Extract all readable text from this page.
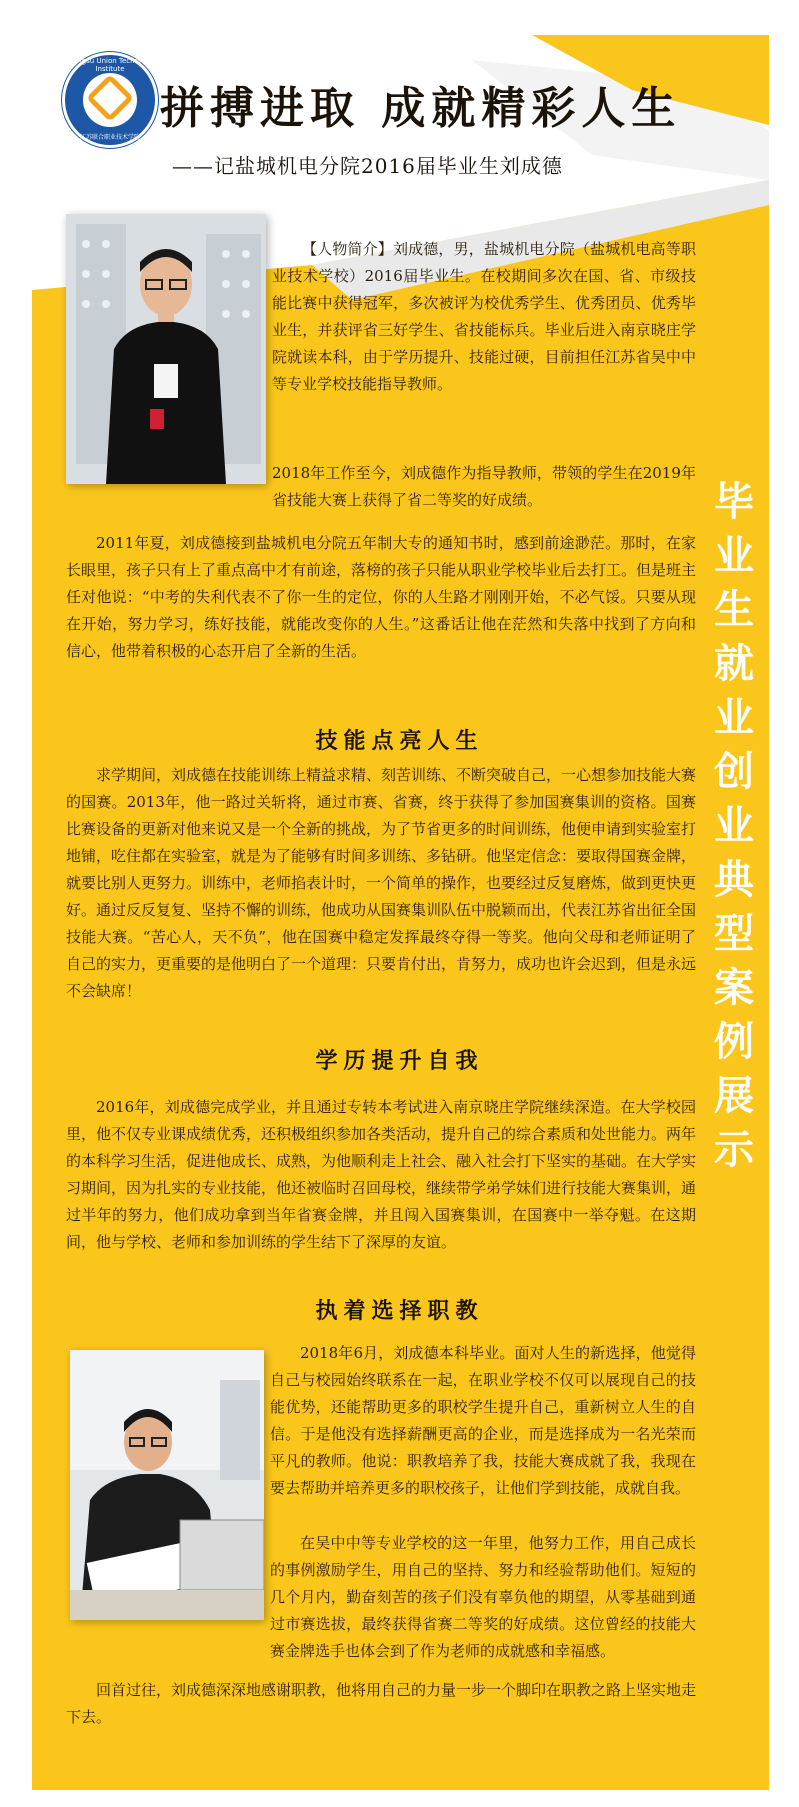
Jiangsu Union Technical Institute
江苏联合职业技术学院
拼搏进取 成就精彩人生
——记盐城机电分院2016届毕业生刘成德

【人物简介】刘成德，男，盐城机电分院（盐城机电高等职业技术学校）2016届毕业生。在校期间多次在国、省、市级技能比赛中获得冠军，多次被评为校优秀学生、优秀团员、优秀毕业生，并获评省三好学生、省技能标兵。毕业后进入南京晓庄学院就读本科，由于学历提升、技能过硬，目前担任江苏省吴中中等专业学校技能指导教师。

2018年工作至今，刘成德作为指导教师，带领的学生在2019年省技能大赛上获得了省二等奖的好成绩。

2011年夏，刘成德接到盐城机电分院五年制大专的通知书时，感到前途渺茫。那时，在家长眼里，孩子只有上了重点高中才有前途，落榜的孩子只能从职业学校毕业后去打工。但是班主任对他说：“中考的失利代表不了你一生的定位，你的人生路才刚刚开始，不必气馁。只要从现在开始，努力学习，练好技能，就能改变你的人生。”这番话让他在茫然和失落中找到了方向和信心，他带着积极的心态开启了全新的生活。

技能点亮人生

求学期间，刘成德在技能训练上精益求精、刻苦训练、不断突破自己，一心想参加技能大赛的国赛。2013年，他一路过关斩将，通过市赛、省赛，终于获得了参加国赛集训的资格。国赛比赛设备的更新对他来说又是一个全新的挑战，为了节省更多的时间训练，他便申请到实验室打地铺，吃住都在实验室，就是为了能够有时间多训练、多钻研。他坚定信念：要取得国赛金牌，就要比别人更努力。训练中，老师掐表计时，一个简单的操作，也要经过反复磨炼，做到更快更好。通过反反复复、坚持不懈的训练，他成功从国赛集训队伍中脱颖而出，代表江苏省出征全国技能大赛。“苦心人，天不负”，他在国赛中稳定发挥最终夺得一等奖。他向父母和老师证明了自己的实力，更重要的是他明白了一个道理：只要肯付出，肯努力，成功也许会迟到，但是永远不会缺席！

学历提升自我

2016年，刘成德完成学业，并且通过专转本考试进入南京晓庄学院继续深造。在大学校园里，他不仅专业课成绩优秀，还积极组织参加各类活动，提升自己的综合素质和处世能力。两年的本科学习生活，促进他成长、成熟，为他顺利走上社会、融入社会打下坚实的基础。在大学实习期间，因为扎实的专业技能，他还被临时召回母校，继续带学弟学妹们进行技能大赛集训，通过半年的努力，他们成功拿到当年省赛金牌，并且闯入国赛集训，在国赛中一举夺魁。在这期间，他与学校、老师和参加训练的学生结下了深厚的友谊。

执着选择职教

2018年6月，刘成德本科毕业。面对人生的新选择，他觉得自己与校园始终联系在一起，在职业学校不仅可以展现自己的技能优势，还能帮助更多的职校学生提升自己，重新树立人生的自信。于是他没有选择薪酬更高的企业，而是选择成为一名光荣而平凡的教师。他说：职教培养了我，技能大赛成就了我，我现在要去帮助并培养更多的职校孩子，让他们学到技能，成就自我。

在吴中中等专业学校的这一年里，他努力工作，用自己成长的事例激励学生，用自己的坚持、努力和经验帮助他们。短短的几个月内，勤奋刻苦的孩子们没有辜负他的期望，从零基础到通过市赛选拔，最终获得省赛二等奖的好成绩。这位曾经的技能大赛金牌选手也体会到了作为老师的成就感和幸福感。

回首过往，刘成德深深地感谢职教，他将用自己的力量一步一个脚印在职教之路上坚实地走下去。

毕业生就业创业典型案例展示
